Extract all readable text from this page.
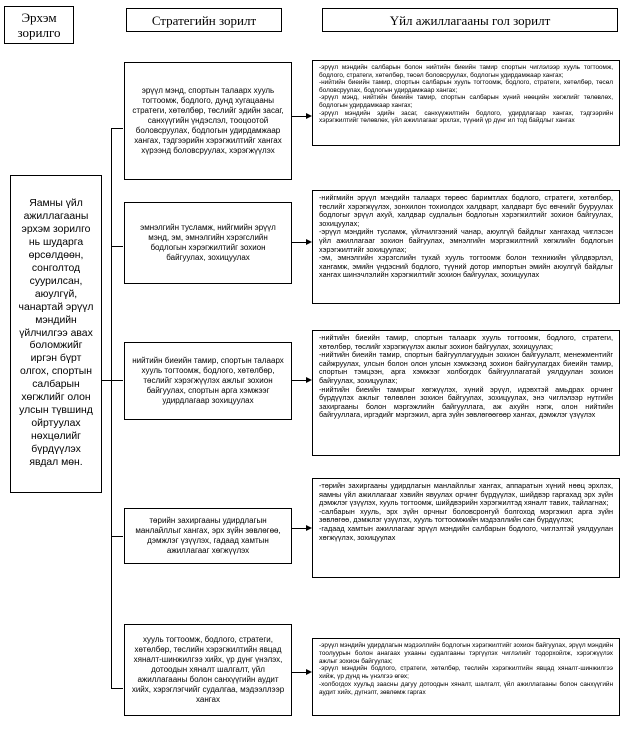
Эрхэм зорилго
Стратегийн зорилт	Үйл ажиллагааны гол зорилт
Яамны үйл ажиллагааны эрхэм зорилго нь шударга өрсөлдөөн, сонголтод суурилсан, аюулгүй, чанартай эрүүл мэндийн үйлчилгээ авах боломжийг иргэн бүрт олгох, спортын салбарын хөгжлийг олон улсын түвшинд ойртуулах нөхцөлийг бүрдүүлэх явдал мөн.
эрүүл мэнд, спортын талаарх хууль тогтоомж, бодлого, дунд хугацааны стратеги, хөтөлбөр, төслийг эдийн засаг, санхүүгийн үндэслэл, тооцоотой боловсруулах, бодлогын удирдамжаар хангах, тэдгээрийн хэрэгжилтийг хангах хүрээнд боловсруулах, хэрэгжүүлэх
эмнэлгийн тусламж, нийгмийн эрүүл мэнд, эм, эмнэлгийн хэрэгслийн бодлогын хэрэгжилтийг зохион байгуулах, зохицуулах
нийтийн биеийн тамир, спортын талаарх хууль тогтоомж, бодлого, хөтөлбөр, төслийг хэрэгжүүлэх ажлыг зохион байгуулах, спортын арга хэмжээг удирдлагаар зохицуулах
төрийн захиргааны удирдлагын манлайллыг хангах, эрх зүйн зөвлөгөө, дэмжлэг үзүүлэх, гадаад хамтын ажиллагааг хөгжүүлэх
хууль тогтоомж, бодлого, стратеги, хөтөлбөр, төслийн хэрэгжилтийн явцад хяналт-шинжилгээ хийх, үр дүнг үнэлэх, дотоодын хяналт шалгалт, үйл ажиллагааны болон санхүүгийн аудит хийх, хэрэглэгчийг судалгаа, мэдээллээр хангах
-эрүүл мэндийн салбарын болон нийтийн биеийн тамир спортын чиглэлээр хууль тогтоомж, бодлого, стратеги, хөтөлбөр, төсөл боловсруулах, бодлогын удирдамжаар хангах;
-нийтийн биеийн тамир, спортын салбарын хууль тогтоомж, бодлого, стратеги, хөтөлбөр, төсөл боловсруулах, бодлогын удирдамжаар хангах;
-эрүүл мэнд, нийтийн биеийн тамир, спортын салбарын хүний нөөцийн хөгжлийг төлөвлөх, бодлогын удирдамжаар хангах;
-эрүүл мэндийн эдийн засаг, санхүүжилтийн бодлого, удирдлагаар хангах, тэдгээрийн хэрэгжилтийг төлөвлөх, үйл ажиллагааг эрхлэх, түүний үр дүнг ил тод байдлыг хангах
-нийгмийн эрүүл мэндийн талаарх төрөөс баримтлах бодлого, стратеги, хөтөлбөр, төслийг хэрэгжүүлэх, зонхилон тохиолдох халдварт, халдварт бус өвчнийг бууруулах бодлогыг эрүүл ахуй, халдвар судлалын бодлогын хэрэгжилтийг зохион байгуулах, зохицуулах;
-эрүүл мэндийн тусламж, үйлчилгээний чанар, аюулгүй байдлыг хангахад чиглэсэн үйл ажиллагааг зохион байгуулах, эмнэлгийн мэргэжилтний хөгжлийн бодлогын хэрэгжилтийг зохицуулах;
-эм, эмнэлгийн хэрэгслийн тухай хууль тогтоомж болон техникийн үйлдвэрлэл, хангамж, эмийн үндэсний бодлого, түүний дотор импортын эмийн аюулгүй байдлыг хангах шинэчлэлийн хэрэгжилтийг зохион байгуулах, зохицуулах
-нийтийн биеийн тамир, спортын талаарх хууль тогтоомж, бодлого, стратеги, хөтөлбөр, төслийг хэрэгжүүлэх ажлыг зохион байгуулах, зохицуулах;
-нийтийн биеийн тамир, спортын байгууллагуудын зохион байгуулалт, менежментийг сайжруулах, улсын болон олон улсын хэмжээнд зохион байгуулагдах биеийн тамир, спортын тэмцээн, арга хэмжээг холбогдох байгууллагатай уялдуулан зохион байгуулах, зохицуулах;
-нийтийн биеийн тамирыг хөгжүүлэх, хүний эрүүл, идэвхтэй амьдрах орчинг бүрдүүлэх ажлыг төлөвлөн зохион байгуулах, зохицуулах, энэ чиглэлээр нутгийн захиргааны болон мэргэжлийн байгууллага, аж ахуйн нэгж, олон нийтийн байгууллага, иргэдийг мэргэжил, арга зүйн зөвлөгөөгөөр хангах, дэмжлэг үзүүлэх
-төрийн захиргааны удирдлагын манлайллыг хангах, аппаратын хүний нөөц эрхлэх, яамны үйл ажиллагааг хэвийн явуулах орчинг бүрдүүлэх, шийдвэр гаргахад эрх зүйн дэмжлэг үзүүлэх, хууль тогтоомж, шийдвэрийн хэрэгжилтэд хяналт тавих, тайлагнах;
-салбарын хууль, эрх зүйн орчныг боловсронгуй болгоход мэргэжил арга зүйн зөвлөгөө, дэмжлэг үзүүлэх, хууль тогтоомжийн мэдээллийн сан бүрдүүлэх;
-гадаад хамтын ажиллагааг эрүүл мэндийн салбарын бодлого, чиглэлтэй уялдуулан хөгжүүлэх, зохицуулах
-эрүүл мэндийн удирдлагын мэдээллийн бодлогын хэрэгжилтийг зохион байгуулах, эрүүл мэндийн тоолуурын болон анагаах ухааны судалгааны тэргүүлэх чиглэлийг тодорхойлж, хэрэгжүүлэх ажлыг зохион байгуулах;
-эрүүл мэндийн бодлого, стратеги, хөтөлбөр, төслийн хэрэгжилтийн явцад хяналт-шинжилгээ хийж, үр дүнд нь үнэлгээ өгөх;
-холбогдох хуульд заасны дагуу дотоодын хяналт, шалгалт, үйл ажиллагааны болон санхүүгийн аудит хийх, дүгнэлт, зөвлөмж гаргах
